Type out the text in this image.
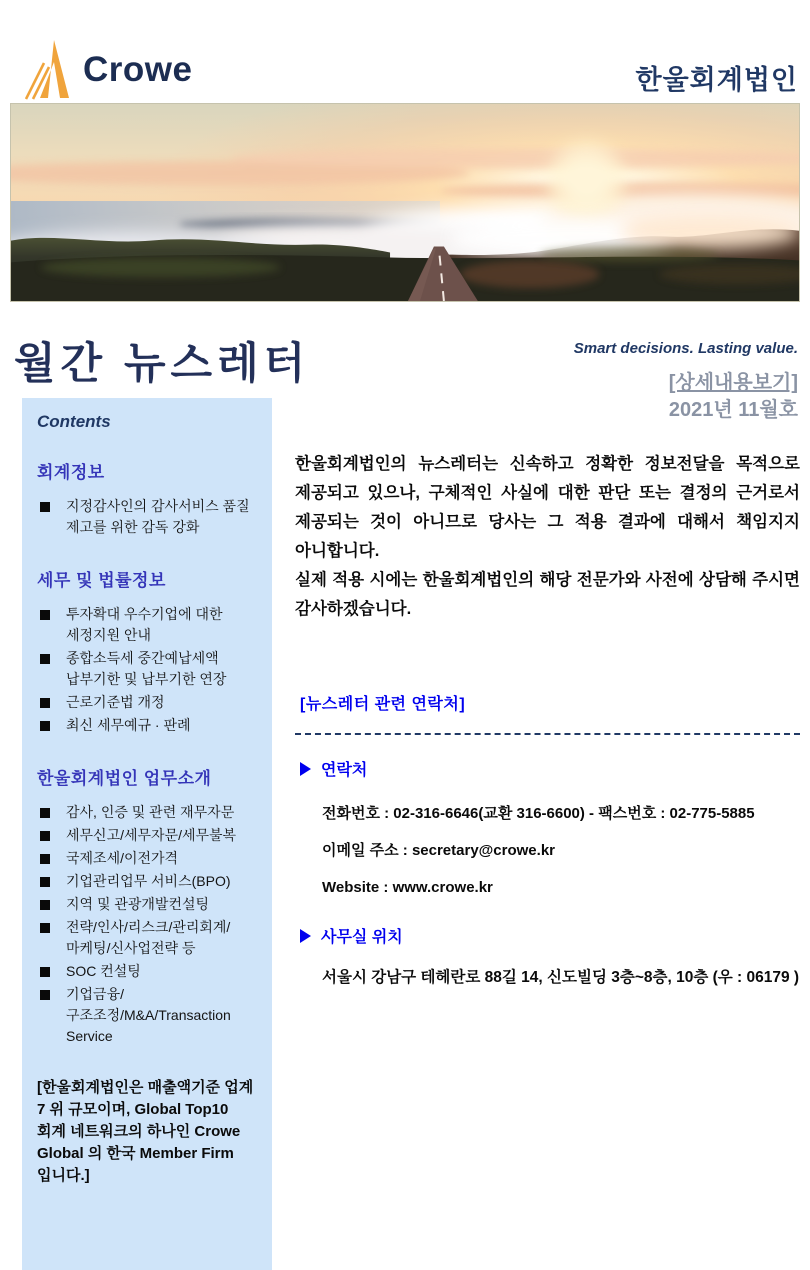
Crowe	한울회계법인
월간 뉴스레터	Smart decisions. Lasting value.
[상세내용보기]
2021년 11월호
Contents
회계정보
지정감사인의 감사서비스 품질 제고를 위한 감독 강화
세무 및 법률정보
투자확대 우수기업에 대한 세정지원 안내
종합소득세 중간예납세액 납부기한 및 납부기한 연장
근로기준법 개정
최신 세무예규 · 판례
한울회계법인 업무소개
감사, 인증 및 관련 재무자문
세무신고/세무자문/세무불복
국제조세/이전가격
기업관리업무 서비스(BPO)
지역 및 관광개발컨설팅
전략/인사/리스크/관리회계/마케팅/신사업전략 등
SOC 컨설팅
기업금융/구조조정/M&A/Transaction Service
[한울회계법인은 매출액기준 업계 7 위 규모이며, Global Top10 회계 네트워크의 하나인 Crowe Global 의 한국 Member Firm 입니다.]
한울회계법인의 뉴스레터는 신속하고 정확한 정보전달을 목적으로 제공되고 있으나, 구체적인 사실에 대한 판단 또는 결정의 근거로서 제공되는 것이 아니므로 당사는 그 적용 결과에 대해서 책임지지 아니합니다.
실제 적용 시에는 한울회계법인의 해당 전문가와 사전에 상담해 주시면 감사하겠습니다.
[뉴스레터 관련 연락처]
연락처
전화번호 : 02-316-6646(교환 316-6600) - 팩스번호 : 02-775-5885
이메일 주소 : secretary@crowe.kr
Website : www.crowe.kr
사무실 위치
서울시 강남구 테헤란로 88길 14, 신도빌딩 3층~8층, 10층 (우 : 06179 )
